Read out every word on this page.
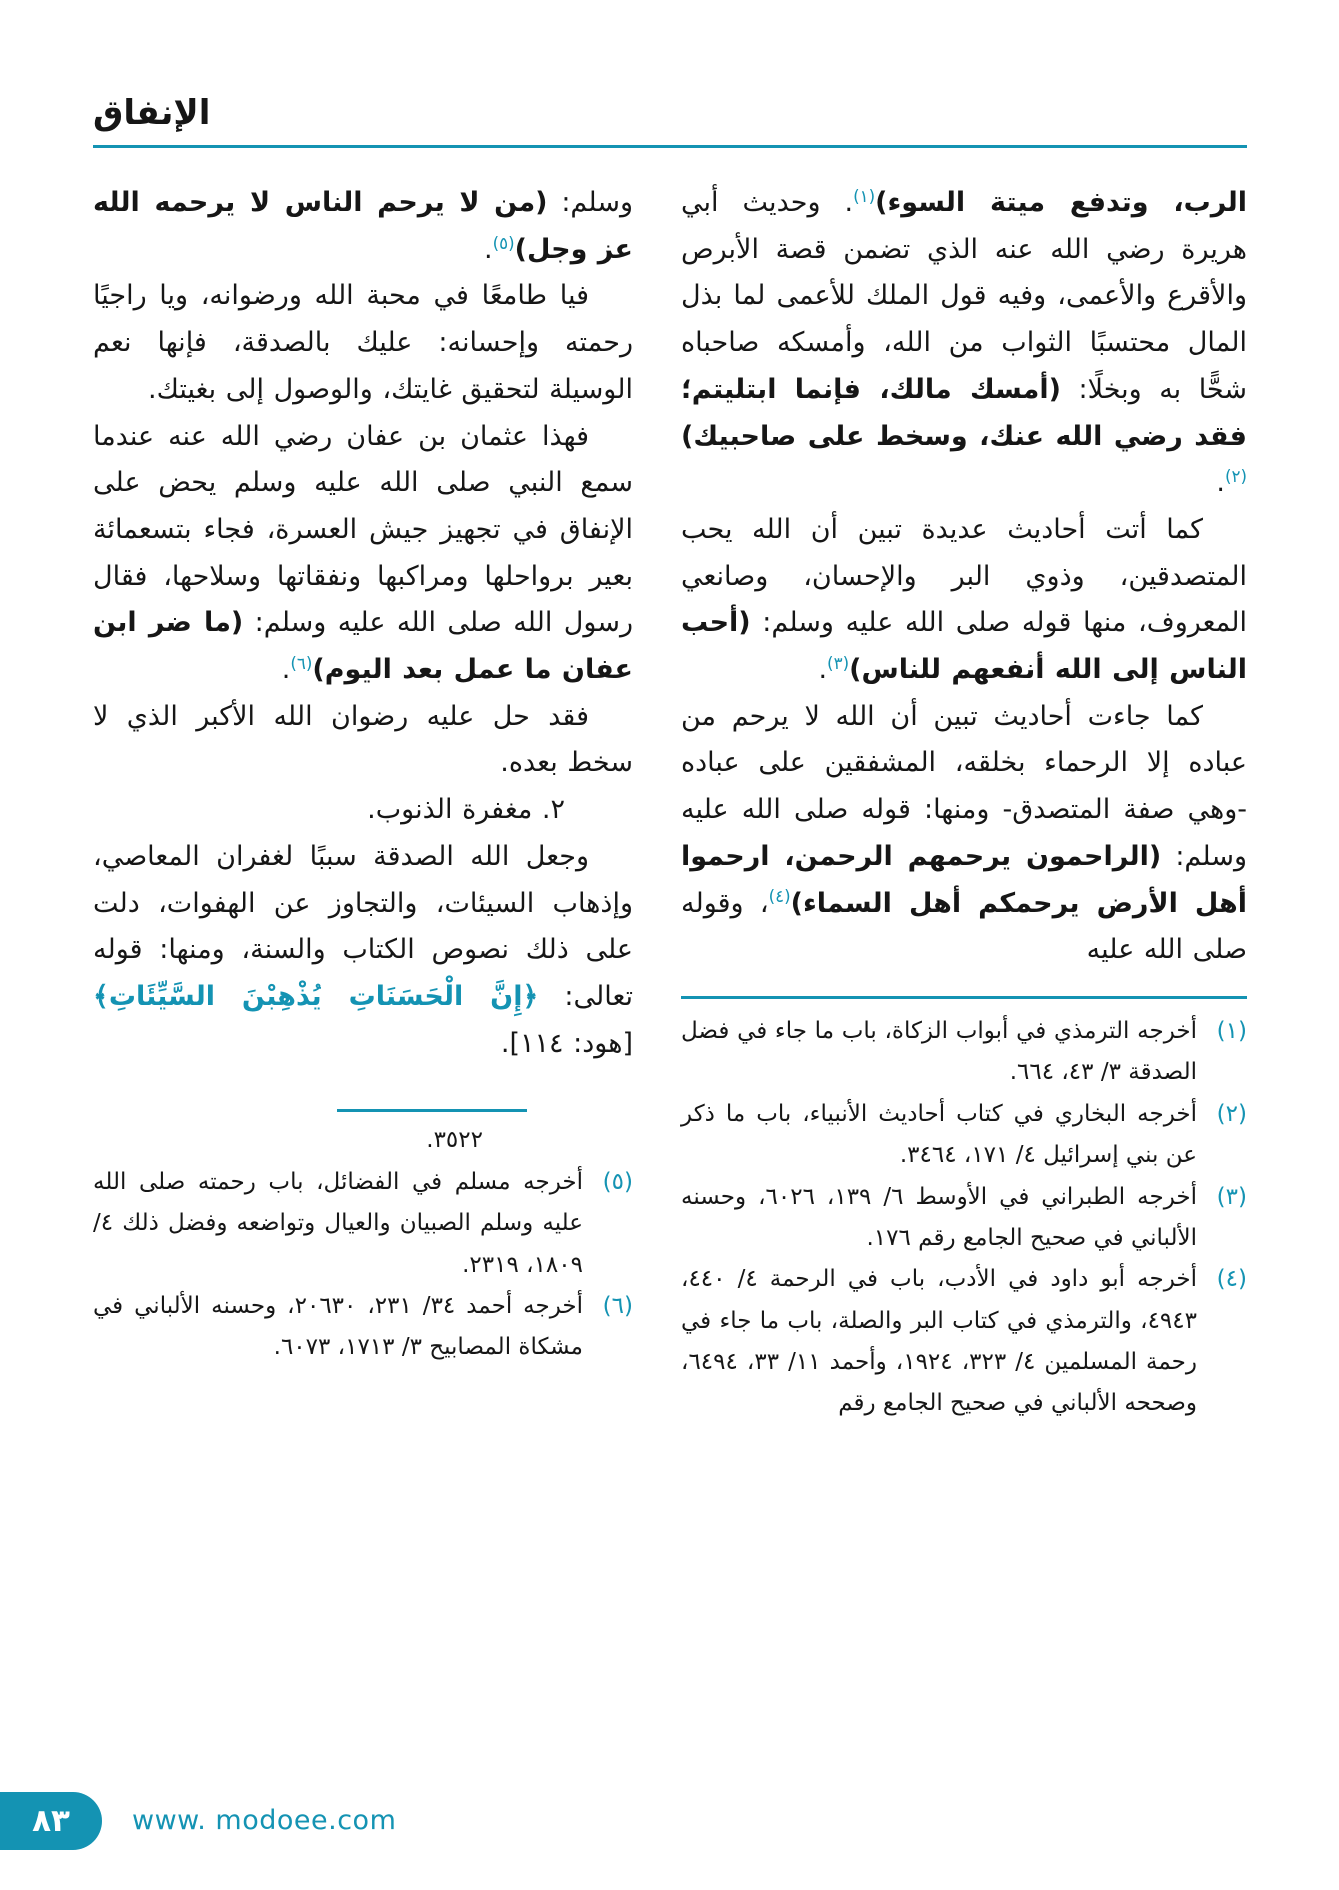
الإنفاق

الرب، وتدفع ميتة السوء)$^{(١)}$. وحديث أبي هريرة رضي الله عنه الذي تضمن قصة الأبرص والأقرع والأعمى، وفيه قول الملك للأعمى لما بذل المال محتسبًا الثواب من الله، وأمسكه صاحباه شحًّا به وبخلًا: (أمسك مالك، فإنما ابتليتم؛ فقد رضي الله عنك، وسخط على صاحبيك)$^{(٢)}$.

كما أتت أحاديث عديدة تبين أن الله يحب المتصدقين، وذوي البر والإحسان، وصانعي المعروف، منها قوله صلى الله عليه وسلم: (أحب الناس إلى الله أنفعهم للناس)$^{(٣)}$.

كما جاءت أحاديث تبين أن الله لا يرحم من عباده إلا الرحماء بخلقه، المشفقين على عباده -وهي صفة المتصدق- ومنها: قوله صلى الله عليه وسلم: (الراحمون يرحمهم الرحمن، ارحموا أهل الأرض يرحمكم أهل السماء)$^{(٤)}$، وقوله صلى الله عليه

(١)
أخرجه الترمذي في أبواب الزكاة، باب ما جاء في فضل الصدقة ٣/ ٤٣، ٦٦٤.
(٢)
أخرجه البخاري في كتاب أحاديث الأنبياء، باب ما ذكر عن بني إسرائيل ٤/ ١٧١، ٣٤٦٤.
(٣)
أخرجه الطبراني في الأوسط ٦/ ١٣٩، ٦٠٢٦، وحسنه الألباني في صحيح الجامع رقم ١٧٦.
(٤)
أخرجه أبو داود في الأدب، باب في الرحمة ٤/ ٤٤٠، ٤٩٤٣، والترمذي في كتاب البر والصلة، باب ما جاء في رحمة المسلمين ٤/ ٣٢٣، ١٩٢٤، وأحمد ١١/ ٣٣، ٦٤٩٤، وصححه الألباني في صحيح الجامع رقم

وسلم: (من لا يرحم الناس لا يرحمه الله عز وجل)$^{(٥)}$.

فيا طامعًا في محبة الله ورضوانه، ويا راجيًا رحمته وإحسانه: عليك بالصدقة، فإنها نعم الوسيلة لتحقيق غايتك، والوصول إلى بغيتك.

فهذا عثمان بن عفان رضي الله عنه عندما سمع النبي صلى الله عليه وسلم يحض على الإنفاق في تجهيز جيش العسرة، فجاء بتسعمائة بعير برواحلها ومراكبها ونفقاتها وسلاحها، فقال رسول الله صلى الله عليه وسلم: (ما ضر ابن عفان ما عمل بعد اليوم)$^{(٦)}$.

فقد حل عليه رضوان الله الأكبر الذي لا سخط بعده.

٢. مغفرة الذنوب.

وجعل الله الصدقة سببًا لغفران المعاصي، وإذهاب السيئات، والتجاوز عن الهفوات، دلت على ذلك نصوص الكتاب والسنة، ومنها: قوله تعالى: ﴿إِنَّ الْحَسَنَاتِ يُذْهِبْنَ السَّيِّئَاتِ﴾ [هود: ١١٤].

٣٥٢٢.
(٥)
أخرجه مسلم في الفضائل، باب رحمته صلى الله عليه وسلم الصبيان والعيال وتواضعه وفضل ذلك ٤/ ١٨٠٩، ٢٣١٩.
(٦)
أخرجه أحمد ٣٤/ ٢٣١، ٢٠٦٣٠، وحسنه الألباني في مشكاة المصابيح ٣/ ١٧١٣، ٦٠٧٣.
٨٣ www. modoee.com
